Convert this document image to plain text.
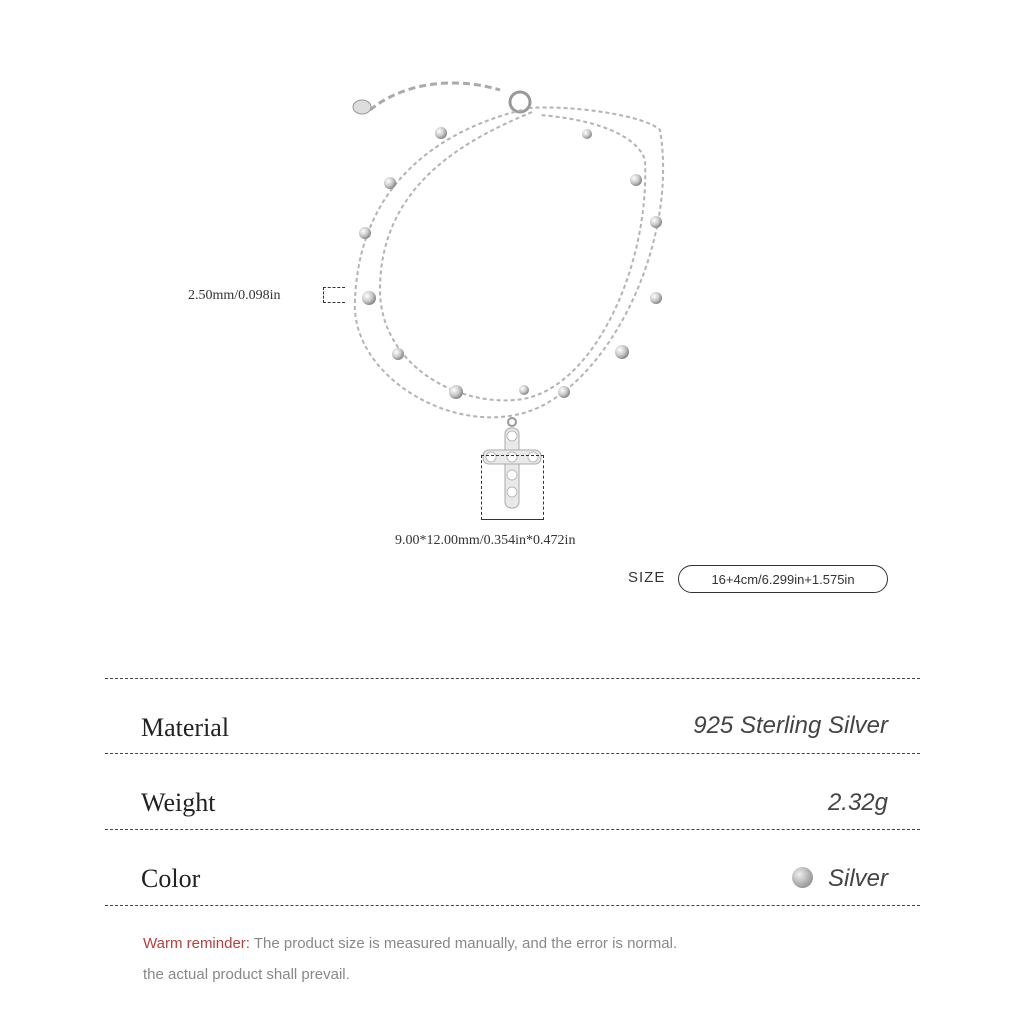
2.50mm/0.098in
9.00*12.00mm/0.354in*0.472in
SIZE	16+4cm/6.299in+1.575in
Material	925 Sterling Silver
Weight	2.32g
Color	Silver
Warm reminder: The product size is measured manually, and the error is normal.
the actual product shall prevail.
